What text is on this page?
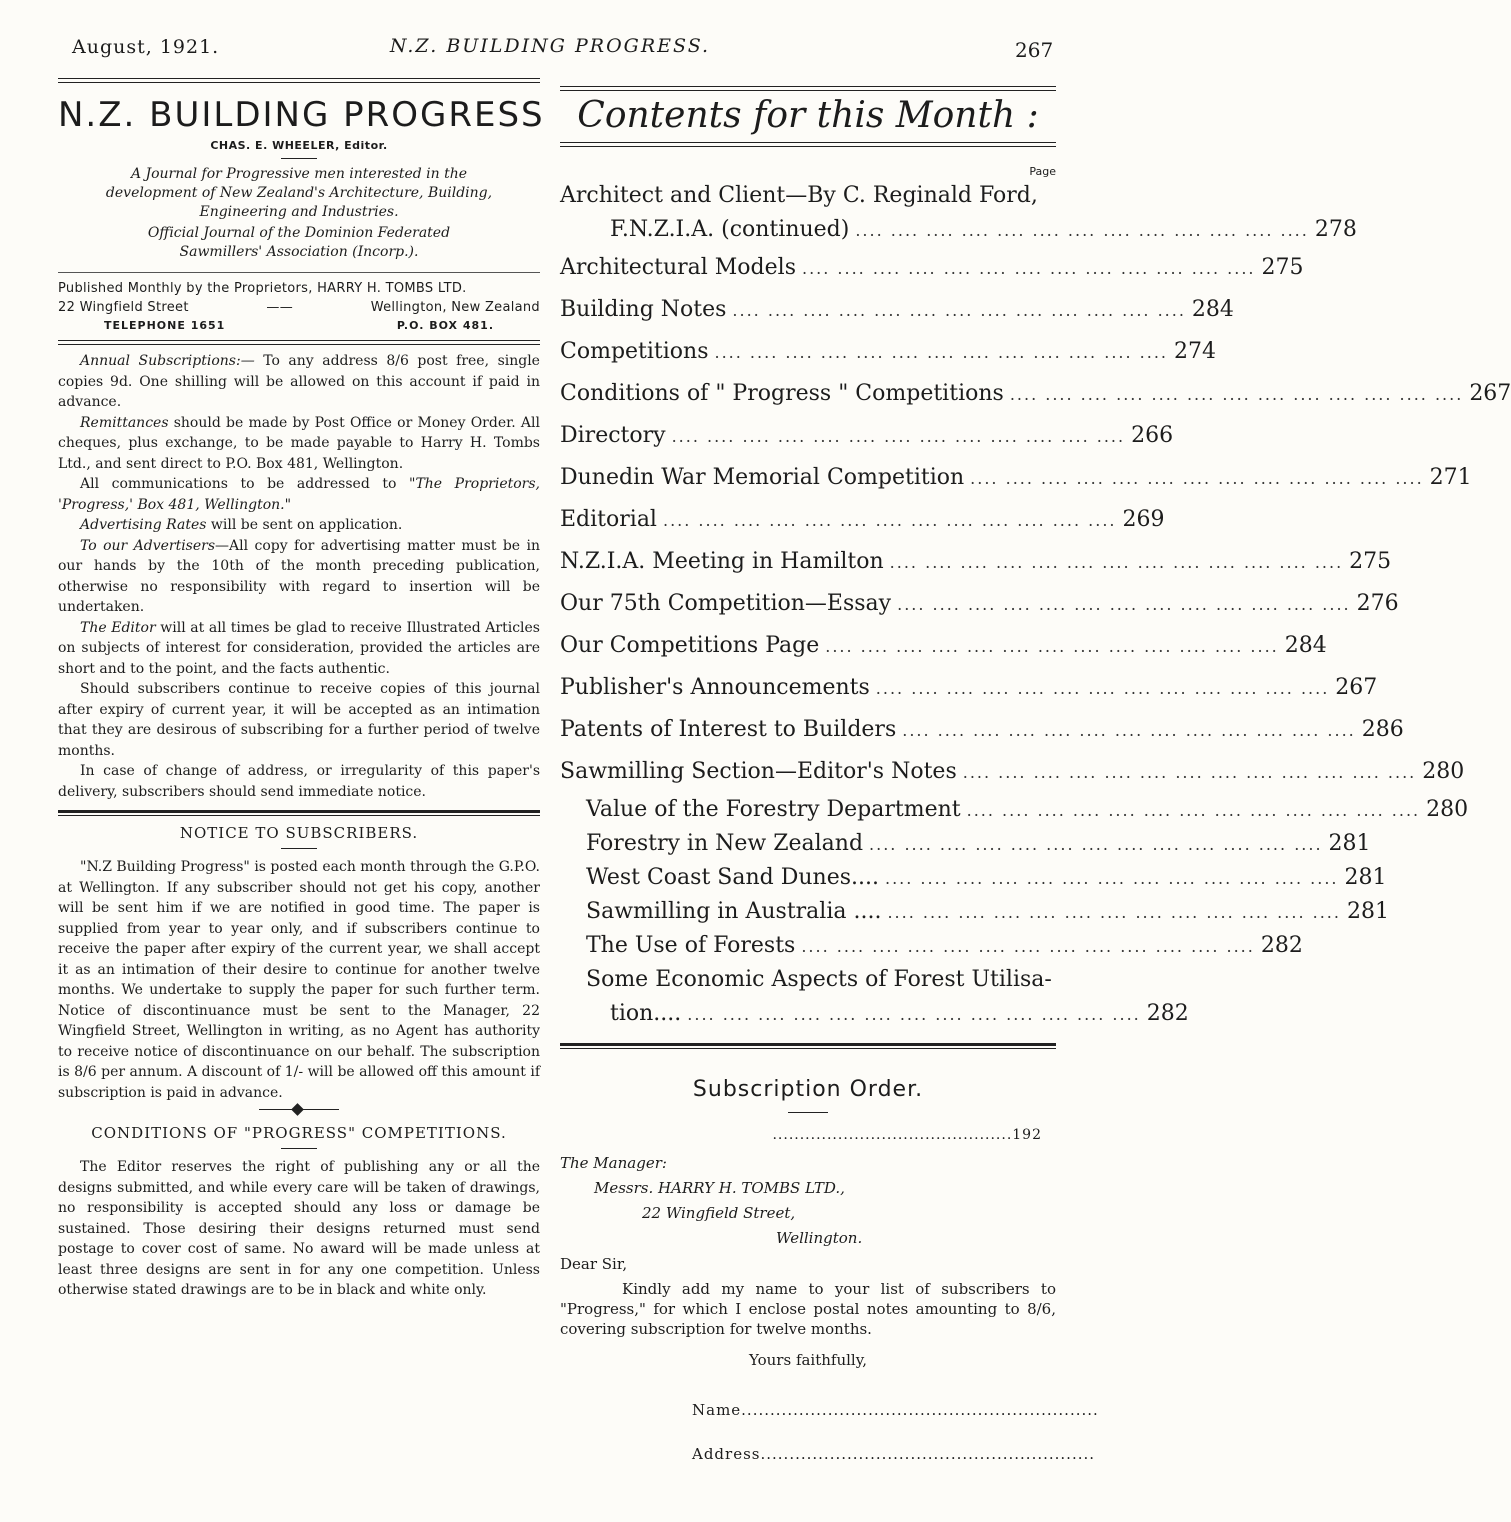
August, 1921.	N.Z. BUILDING PROGRESS.	267
N.Z. BUILDING PROGRESS
CHAS. E. WHEELER, Editor.
A Journal for Progressive men interested in the development of New Zealand's Architecture, Building, Engineering and Industries.
Official Journal of the Dominion Federated Sawmillers' Association (Incorp.).
Published Monthly by the Proprietors, HARRY H. TOMBS LTD.
22 Wingfield Street	——	Wellington, New Zealand
TELEPHONE 1651	P.O. BOX 481.

Annual Subscriptions:— To any address 8/6 post free, single copies 9d. One shilling will be allowed on this account if paid in advance.

Remittances should be made by Post Office or Money Order. All cheques, plus exchange, to be made payable to Harry H. Tombs Ltd., and sent direct to P.O. Box 481, Wellington.

All communications to be addressed to "The Proprietors, 'Progress,' Box 481, Wellington."

Advertising Rates will be sent on application.

To our Advertisers—All copy for advertising matter must be in our hands by the 10th of the month preceding publication, otherwise no responsibility with regard to insertion will be undertaken.

The Editor will at all times be glad to receive Illustrated Articles on subjects of interest for consideration, provided the articles are short and to the point, and the facts authentic.

Should subscribers continue to receive copies of this journal after expiry of current year, it will be accepted as an intimation that they are desirous of subscribing for a further period of twelve months.

In case of change of address, or irregularity of this paper's delivery, subscribers should send immediate notice.

NOTICE TO SUBSCRIBERS.

"N.Z Building Progress" is posted each month through the G.P.O. at Wellington. If any subscriber should not get his copy, another will be sent him if we are notified in good time. The paper is supplied from year to year only, and if subscribers continue to receive the paper after expiry of the current year, we shall accept it as an intimation of their desire to continue for another twelve months. We undertake to supply the paper for such further term. Notice of discontinuance must be sent to the Manager, 22 Wingfield Street, Wellington in writing, as no Agent has authority to receive notice of discontinuance on our behalf. The subscription is 8/6 per annum. A discount of 1/- will be allowed off this amount if subscription is paid in advance.

CONDITIONS OF "PROGRESS" COMPETITIONS.

The Editor reserves the right of publishing any or all the designs submitted, and while every care will be taken of drawings, no responsibility is accepted should any loss or damage be sustained. Those desiring their designs returned must send postage to cover cost of same. No award will be made unless at least three designs are sent in for any one competition. Unless otherwise stated drawings are to be in black and white only.

Contents for this Month :
Page
Architect and Client—By C. Reginald Ford,
F.N.Z.I.A. (continued) .... .... .... .... .... .... .... .... .... .... .... .... .... 278
Architectural Models .... .... .... .... .... .... .... .... .... .... .... .... .... 275
Building Notes .... .... .... .... .... .... .... .... .... .... .... .... .... 284
Competitions .... .... .... .... .... .... .... .... .... .... .... .... .... 274
Conditions of " Progress " Competitions .... .... .... .... .... .... .... .... .... .... .... .... .... 267
Directory .... .... .... .... .... .... .... .... .... .... .... .... .... 266
Dunedin War Memorial Competition .... .... .... .... .... .... .... .... .... .... .... .... .... 271
Editorial .... .... .... .... .... .... .... .... .... .... .... .... .... 269
N.Z.I.A. Meeting in Hamilton .... .... .... .... .... .... .... .... .... .... .... .... .... 275
Our 75th Competition—Essay .... .... .... .... .... .... .... .... .... .... .... .... .... 276
Our Competitions Page .... .... .... .... .... .... .... .... .... .... .... .... .... 284
Publisher's Announcements .... .... .... .... .... .... .... .... .... .... .... .... .... 267
Patents of Interest to Builders .... .... .... .... .... .... .... .... .... .... .... .... .... 286
Sawmilling Section—Editor's Notes .... .... .... .... .... .... .... .... .... .... .... .... .... 280
Value of the Forestry Department .... .... .... .... .... .... .... .... .... .... .... .... .... 280
Forestry in New Zealand .... .... .... .... .... .... .... .... .... .... .... .... .... 281
West Coast Sand Dunes.... .... .... .... .... .... .... .... .... .... .... .... .... .... 281
Sawmilling in Australia .... .... .... .... .... .... .... .... .... .... .... .... .... .... 281
The Use of Forests .... .... .... .... .... .... .... .... .... .... .... .... .... 282
Some Economic Aspects of Forest Utilisa-
tion.... .... .... .... .... .... .... .... .... .... .... .... .... .... 282
Subscription Order.
............................................192
The Manager:
Messrs. HARRY H. TOMBS LTD.,
22 Wingfield Street,
Wellington.
Dear Sir,

Kindly add my name to your list of subscribers to "Progress," for which I enclose postal notes amounting to 8/6, covering subscription for twelve months.

Yours faithfully,
Name..............................................................
Address..........................................................
